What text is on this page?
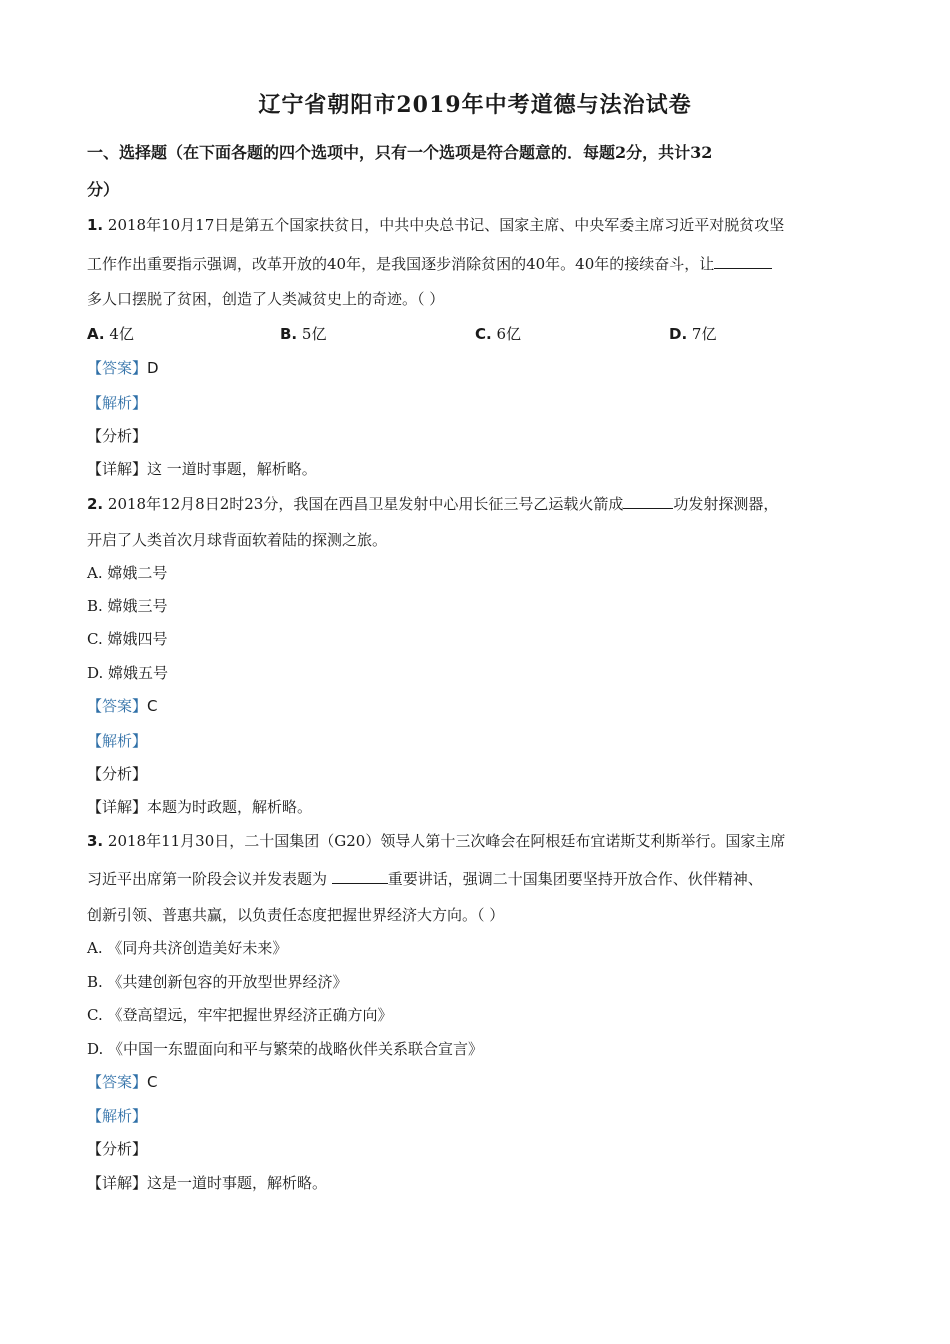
辽宁省朝阳市2019年中考道德与法治试卷
一、选择题（在下面各题的四个选项中，只有一个选项是符合题意的．每题2分，共计32
分）
1. 2018年10月17日是第五个国家扶贫日，中共中央总书记、国家主席、中央军委主席习近平对脱贫攻坚
工作作出重要指示强调，改革开放的40年，是我国逐步消除贫困的40年。40年的接续奋斗，让
多人口摆脱了贫困，创造了人类减贫史上的奇迹。（ ）
A. 4亿	B. 5亿	C. 6亿	D. 7亿
【答案】D
【解析】
【分析】
【详解】这 一道时事题，解析略。
2. 2018年12月8日2时23分，我国在西昌卫星发射中心用长征三号乙运载火箭成	功发射探测器，
开启了人类首次月球背面软着陆的探测之旅。
A. 嫦娥二号
B. 嫦娥三号
C. 嫦娥四号
D. 嫦娥五号
【答案】C
【解析】
【分析】
【详解】本题为时政题，解析略。
3. 2018年11月30日，二十国集团（G20）领导人第十三次峰会在阿根廷布宜诺斯艾利斯举行。国家主席
习近平出席第一阶段会议并发表题为	重要讲话，强调二十国集团要坚持开放合作、伙伴精神、
创新引领、普惠共赢，以负责任态度把握世界经济大方向。（ ）
A. 《同舟共济创造美好未来》
B. 《共建创新包容的开放型世界经济》
C. 《登高望远，牢牢把握世界经济正确方向》
D. 《中国一东盟面向和平与繁荣的战略伙伴关系联合宣言》
【答案】C
【解析】
【分析】
【详解】这是一道时事题，解析略。
